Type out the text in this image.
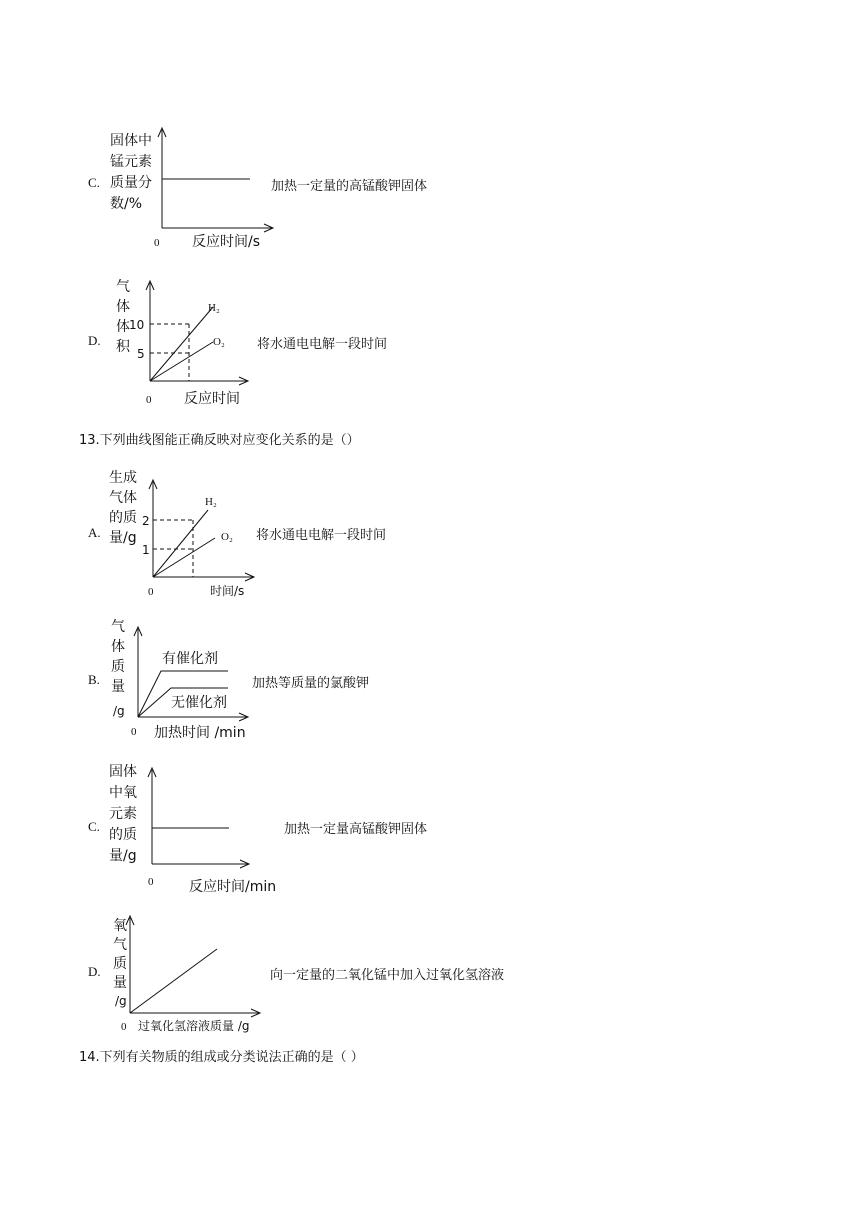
C.
固体中
锰元素
质量分
数/%
0 反应时间/s
加热一定量的高锰酸钾固体
D.
气
体
体
积
10
5
H₂
O₂
0 反应时间
将水通电电解一段时间
13.下列曲线图能正确反映对应变化关系的是（）
A.
生成
气体
的质
量/g
2
1
H₂
O₂
0	时间/s
将水通电电解一段时间
B.
气
体
质
量
/g
有催化剂
无催化剂
0 加热时间 /min
加热等质量的氯酸钾
C.
固体
中氧
元素
的质
量/g
0	反应时间/min
加热一定量高锰酸钾固体
D.
氧
气
质
量
/g
0 过氧化氢溶液质量 /g
向一定量的二氧化锰中加入过氧化氢溶液
14.下列有关物质的组成或分类说法正确的是（ ）
